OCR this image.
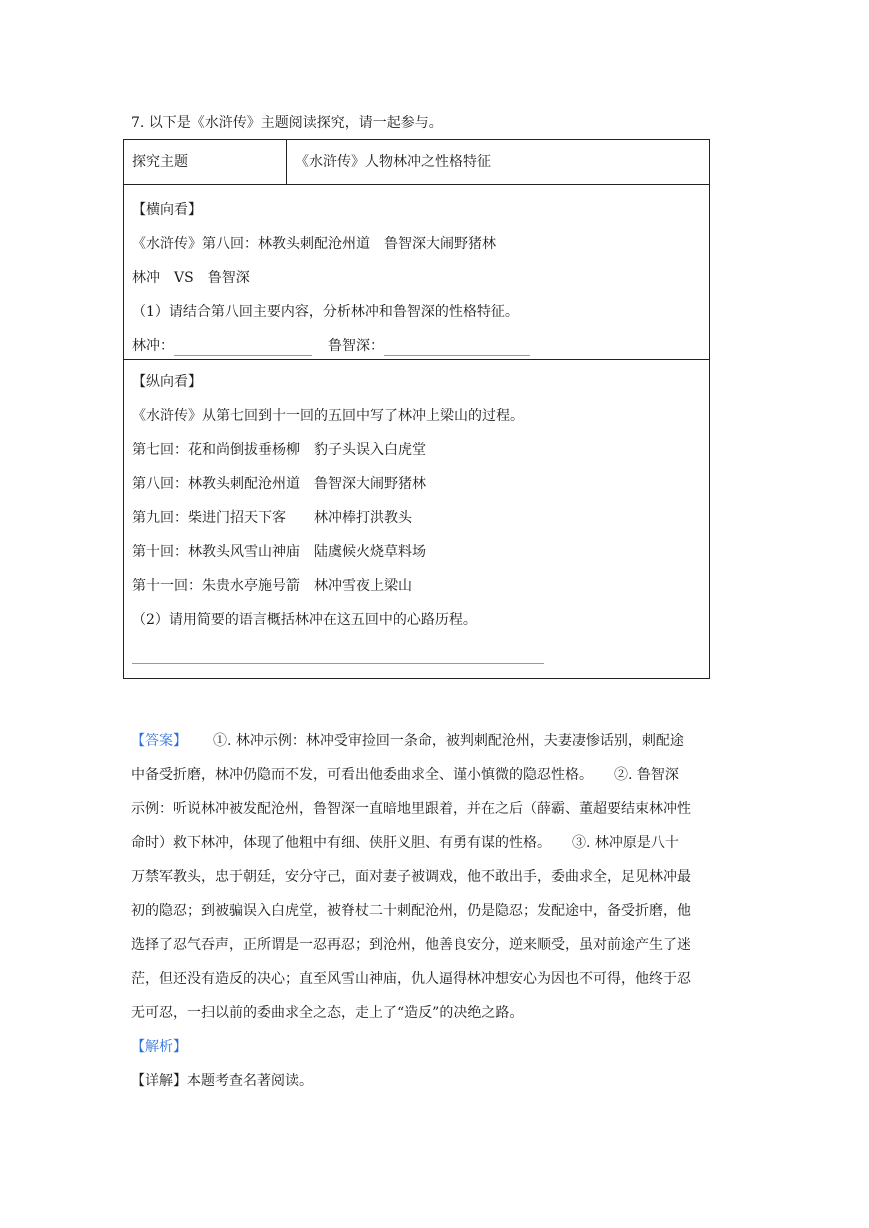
7. 以下是《水浒传》主题阅读探究，请一起参与。
探究主题	《水浒传》人物林冲之性格特征

【横向看】
《水浒传》第八回：林教头刺配沧州道　鲁智深大闹野猪林
林冲　VS　鲁智深
（1）请结合第八回主要内容，分析林冲和鲁智深的性格特征。
林冲：	鲁智深：

【纵向看】
《水浒传》从第七回到十一回的五回中写了林冲上梁山的过程。
第七回：花和尚倒拔垂杨柳　豹子头误入白虎堂
第八回：林教头刺配沧州道　鲁智深大闹野猪林
第九回：柴进门招天下客　　林冲棒打洪教头
第十回：林教头风雪山神庙　陆虞候火烧草料场
第十一回：朱贵水亭施号箭　林冲雪夜上梁山
（2）请用简要的语言概括林冲在这五回中的心路历程。
【答案】 ①. 林冲示例：林冲受审捡回一条命，被判刺配沧州，夫妻凄惨话别，刺配途
中备受折磨，林冲仍隐而不发，可看出他委曲求全、谨小慎微的隐忍性格。　　②. 鲁智深
示例：听说林冲被发配沧州，鲁智深一直暗地里跟着，并在之后（薛霸、董超要结束林冲性
命时）救下林冲，体现了他粗中有细、侠肝义胆、有勇有谋的性格。　　③. 林冲原是八十
万禁军教头，忠于朝廷，安分守己，面对妻子被调戏，他不敢出手，委曲求全，足见林冲最
初的隐忍；到被骗误入白虎堂，被脊杖二十刺配沧州，仍是隐忍；发配途中，备受折磨，他
选择了忍气吞声，正所谓是一忍再忍；到沧州，他善良安分，逆来顺受，虽对前途产生了迷
茫，但还没有造反的决心；直至风雪山神庙，仇人逼得林冲想安心为因也不可得，他终于忍
无可忍，一扫以前的委曲求全之态，走上了“造反”的决绝之路。
【解析】
【详解】本题考查名著阅读。
